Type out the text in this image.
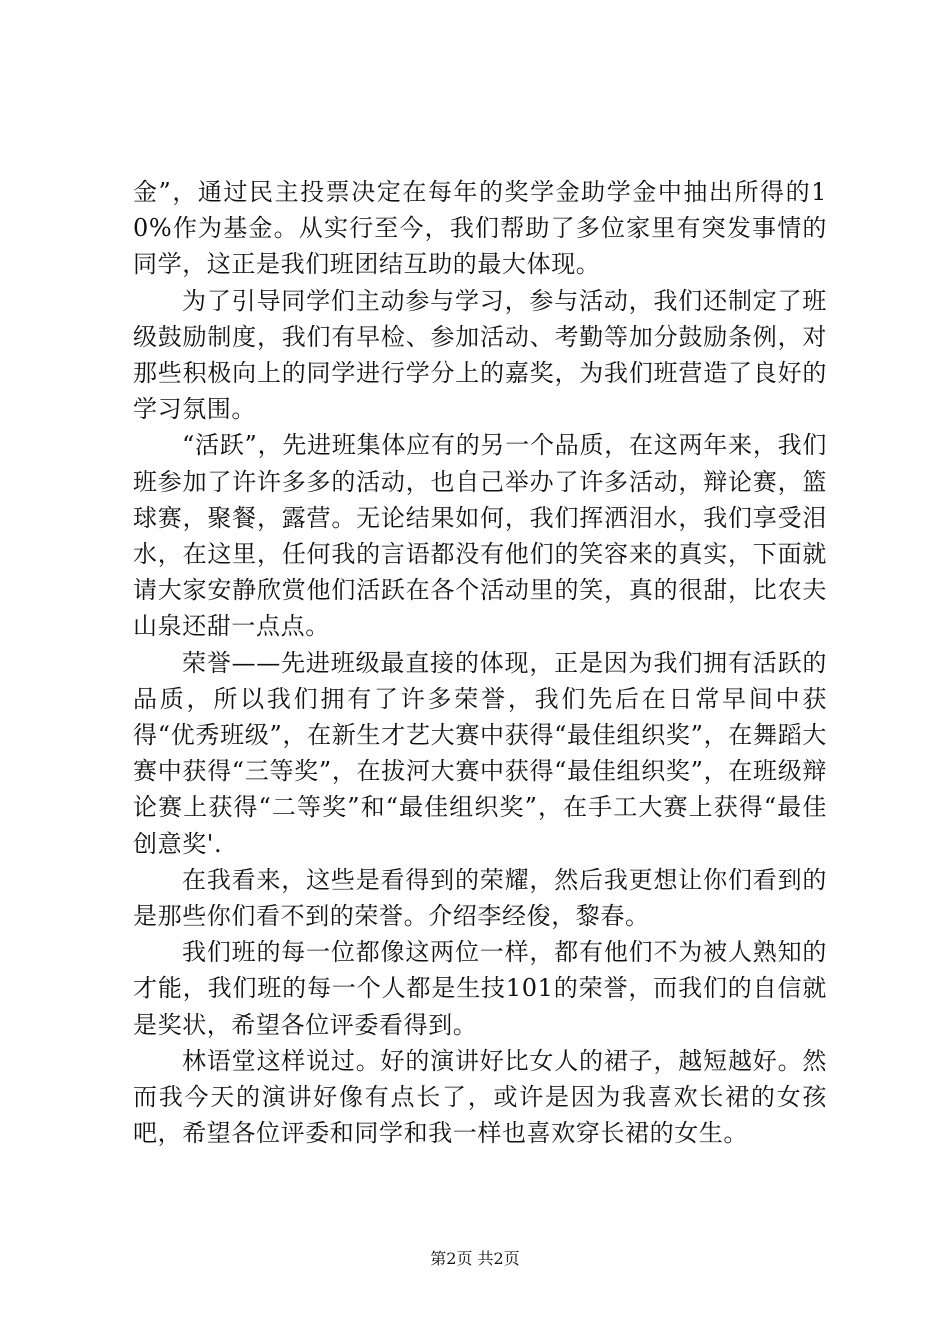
金”，通过民主投票决定在每年的奖学金助学金中抽出所得的10%作为基金。从实行至今，我们帮助了多位家里有突发事情的同学，这正是我们班团结互助的最大体现。

为了引导同学们主动参与学习，参与活动，我们还制定了班级鼓励制度，我们有早检、参加活动、考勤等加分鼓励条例，对那些积极向上的同学进行学分上的嘉奖，为我们班营造了良好的学习氛围。

“活跃”，先进班集体应有的另一个品质，在这两年来，我们班参加了许许多多的活动，也自己举办了许多活动，辩论赛，篮球赛，聚餐，露营。无论结果如何，我们挥洒泪水，我们享受泪水，在这里，任何我的言语都没有他们的笑容来的真实，下面就请大家安静欣赏他们活跃在各个活动里的笑，真的很甜，比农夫山泉还甜一点点。

荣誉——先进班级最直接的体现，正是因为我们拥有活跃的品质，所以我们拥有了许多荣誉，我们先后在日常早间中获得“优秀班级”，在新生才艺大赛中获得“最佳组织奖”，在舞蹈大赛中获得“三等奖”，在拔河大赛中获得“最佳组织奖”，在班级辩论赛上获得“二等奖”和“最佳组织奖”，在手工大赛上获得“最佳创意奖'.

在我看来，这些是看得到的荣耀，然后我更想让你们看到的是那些你们看不到的荣誉。介绍李经俊，黎春。

我们班的每一位都像这两位一样，都有他们不为被人熟知的才能，我们班的每一个人都是生技101的荣誉，而我们的自信就是奖状，希望各位评委看得到。

林语堂这样说过。好的演讲好比女人的裙子，越短越好。然而我今天的演讲好像有点长了，或许是因为我喜欢长裙的女孩吧，希望各位评委和同学和我一样也喜欢穿长裙的女生。

第2页 共2页
